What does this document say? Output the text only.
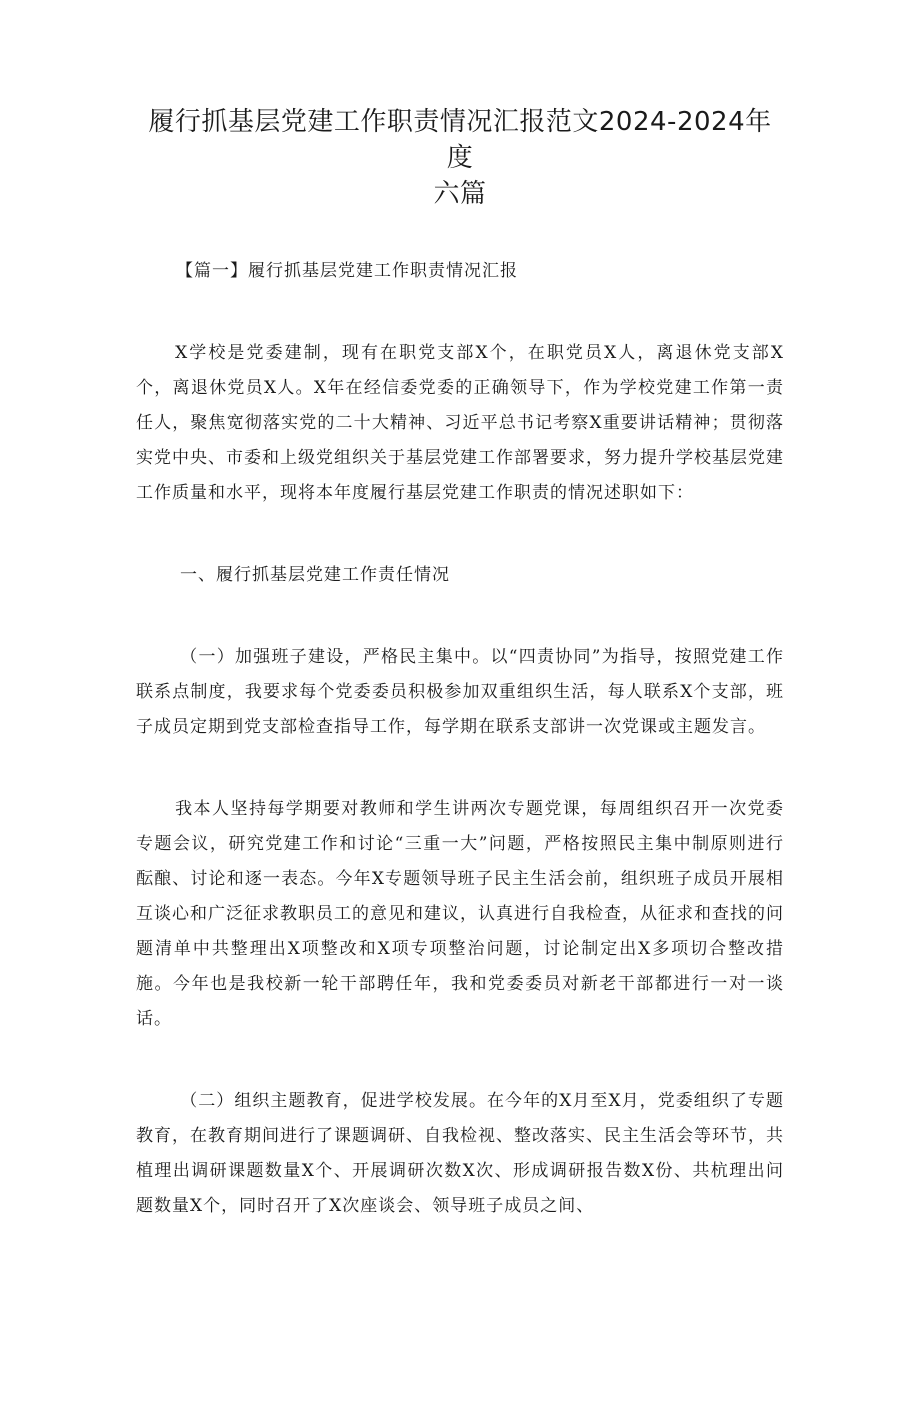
履行抓基层党建工作职责情况汇报范文2024-2024年度
六篇

【篇一】履行抓基层党建工作职责情况汇报

X学校是党委建制，现有在职党支部X个，在职党员X人，离退休党支部X个，离退休党员X人。X年在经信委党委的正确领导下，作为学校党建工作第一责任人，聚焦宽彻落实党的二十大精神、习近平总书记考察X重要讲话精神；贯彻落实党中央、市委和上级党组织关于基层党建工作部署要求，努力提升学校基层党建工作质量和水平，现将本年度履行基层党建工作职责的情况述职如下：

一、履行抓基层党建工作责任情况

（一）加强班子建设，严格民主集中。以“四责协同”为指导，按照党建工作联系点制度，我要求每个党委委员积极参加双重组织生活，每人联系X个支部，班子成员定期到党支部检查指导工作，每学期在联系支部讲一次党课或主题发言。

我本人坚持每学期要对教师和学生讲两次专题党课，每周组织召开一次党委专题会议，研究党建工作和讨论“三重一大”问题，严格按照民主集中制原则进行酝酿、讨论和逐一表态。今年X专题领导班子民主生活会前，组织班子成员开展相互谈心和广泛征求教职员工的意见和建议，认真进行自我检查，从征求和查找的问题清单中共整理出X项整改和X项专项整治问题，讨论制定出X多项切合整改措施。今年也是我校新一轮干部聘任年，我和党委委员对新老干部都进行一对一谈话。

（二）组织主题教育，促进学校发展。在今年的X月至X月，党委组织了专题教育，在教育期间进行了课题调研、自我检视、整改落实、民主生活会等环节，共植理出调研课题数量X个、开展调研次数X次、形成调研报告数X份、共杭理出问题数量X个，同时召开了X次座谈会、领导班子成员之间、
